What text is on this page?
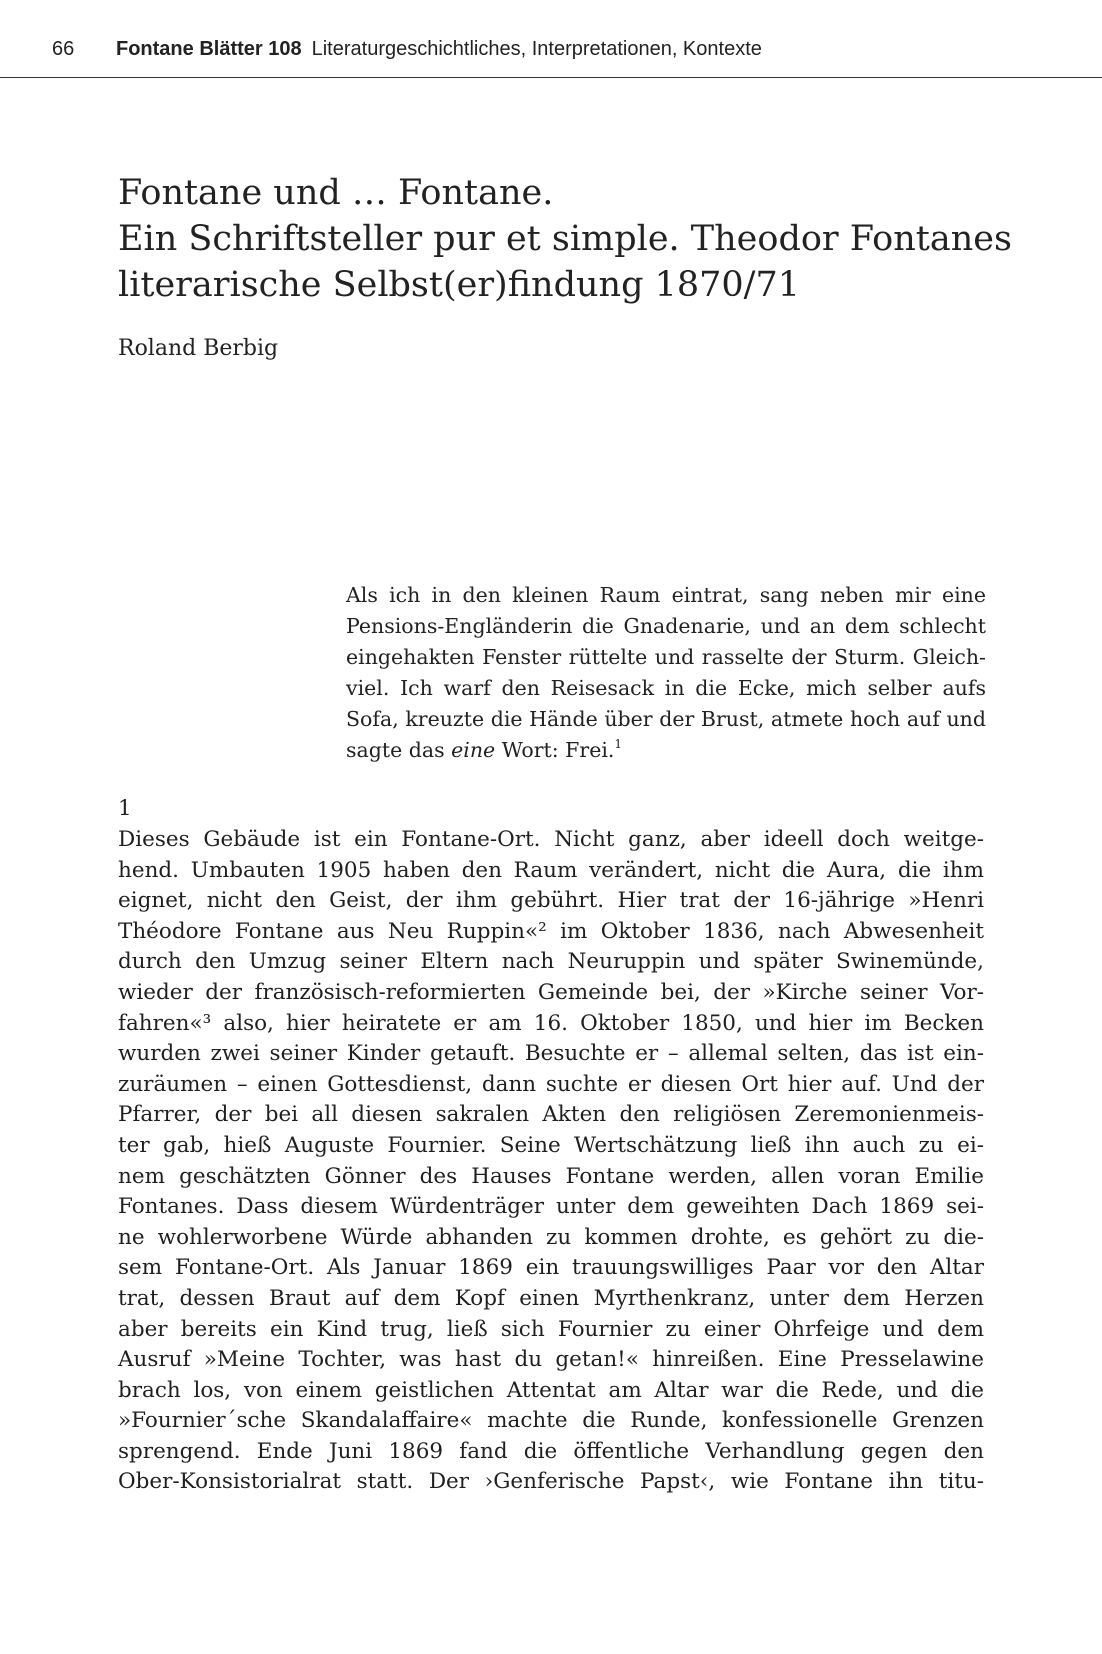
66 Fontane Blätter 108 Literaturgeschichtliches, Interpretationen, Kontexte
Fontane und … Fontane.
Ein Schriftsteller pur et simple. Theodor Fontanes
literarische Selbst(er)findung 1870/71
Roland Berbig
Als ich in den kleinen Raum eintrat, sang neben mir eine
Pensions-Engländerin die Gnadenarie, und an dem schlecht
eingehakten Fenster rüttelte und rasselte der Sturm. Gleich-
viel. Ich warf den Reisesack in die Ecke, mich selber aufs
Sofa, kreuzte die Hände über der Brust, atmete hoch auf und
sagte das eine Wort: Frei.$^1$
1
Dieses Gebäude ist ein Fontane-Ort. Nicht ganz, aber ideell doch weitge-
hend. Umbauten 1905 haben den Raum verändert, nicht die Aura, die ihm
eignet, nicht den Geist, der ihm gebührt. Hier trat der 16-jährige »Henri
Théodore Fontane aus Neu Ruppin«² im Oktober 1836, nach Abwesenheit
durch den Umzug seiner Eltern nach Neuruppin und später Swinemünde,
wieder der französisch-reformierten Gemeinde bei, der »Kirche seiner Vor-
fahren«³ also, hier heiratete er am 16. Oktober 1850, und hier im Becken
wurden zwei seiner Kinder getauft. Besuchte er – allemal selten, das ist ein-
zuräumen – einen Gottesdienst, dann suchte er diesen Ort hier auf. Und der
Pfarrer, der bei all diesen sakralen Akten den religiösen Zeremonienmeis-
ter gab, hieß Auguste Fournier. Seine Wertschätzung ließ ihn auch zu ei-
nem geschätzten Gönner des Hauses Fontane werden, allen voran Emilie
Fontanes. Dass diesem Würdenträger unter dem geweihten Dach 1869 sei-
ne wohlerworbene Würde abhanden zu kommen drohte, es gehört zu die-
sem Fontane-Ort. Als Januar 1869 ein trauungswilliges Paar vor den Altar
trat, dessen Braut auf dem Kopf einen Myrthenkranz, unter dem Herzen
aber bereits ein Kind trug, ließ sich Fournier zu einer Ohrfeige und dem
Ausruf »Meine Tochter, was hast du getan!« hinreißen. Eine Presselawine
brach los, von einem geistlichen Attentat am Altar war die Rede, und die
»Fournier´sche Skandalaffaire« machte die Runde, konfessionelle Grenzen
sprengend. Ende Juni 1869 fand die öffentliche Verhandlung gegen den
Ober-Konsistorialrat statt. Der ›Genferische Papst‹, wie Fontane ihn titu-
